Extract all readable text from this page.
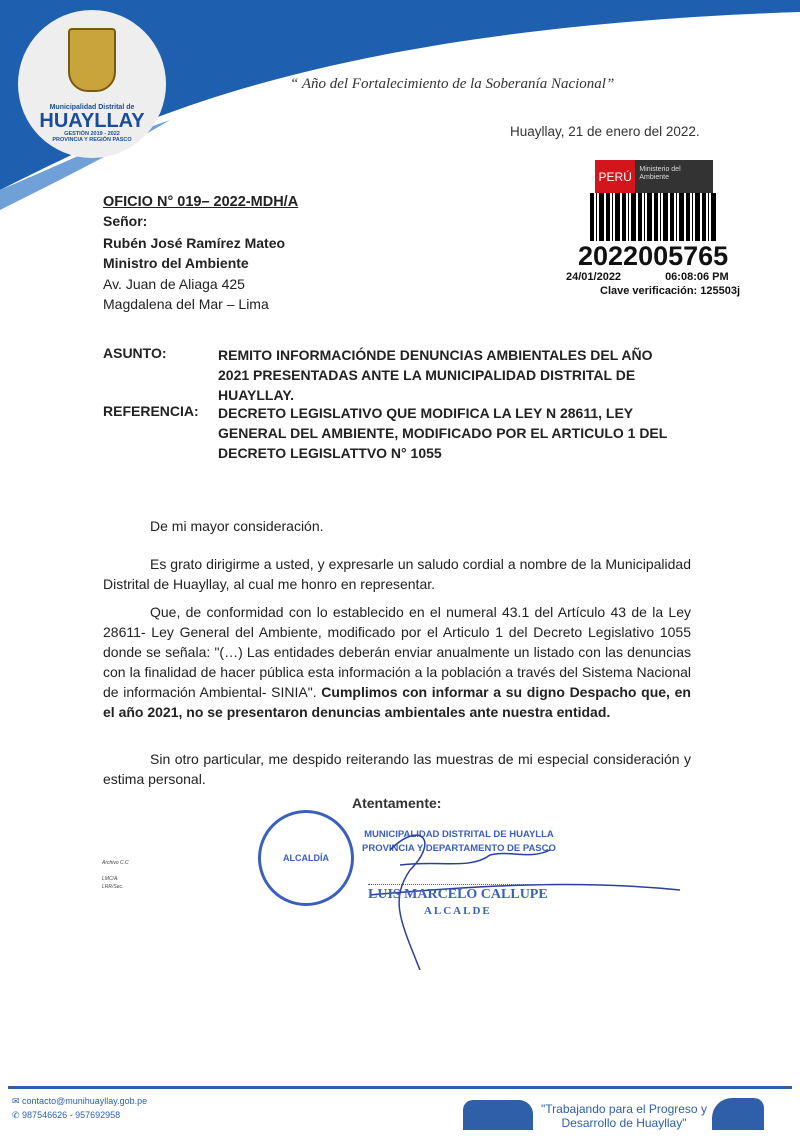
Municipalidad Distrital de
HUAYLLAY
GESTIÓN 2019 - 2022
PROVINCIA Y REGIÓN PASCO
“ Año del Fortalecimiento de la Soberanía Nacional”
Huayllay, 21 de enero del 2022.
PERÚ	Ministerio del Ambiente
2022005765
24/01/2022	06:08:06 PM
Clave verificación: 125503j
OFICIO N° 019– 2022-MDH/A
Señor:
Rubén José Ramírez Mateo
Ministro del Ambiente
Av. Juan de Aliaga 425
Magdalena del Mar – Lima
ASUNTO:	REMITO INFORMACIÓNDE DENUNCIAS AMBIENTALES DEL AÑO 2021 PRESENTADAS ANTE LA MUNICIPALIDAD DISTRITAL DE HUAYLLAY.
REFERENCIA: DECRETO LEGISLATIVO QUE MODIFICA LA LEY N 28611, LEY GENERAL DEL AMBIENTE, MODIFICADO POR EL ARTICULO 1 DEL DECRETO LEGISLATTVO N° 1055
De mi mayor consideración.
Es grato dirigirme a usted, y expresarle un saludo cordial a nombre de la Municipalidad Distrital de Huayllay, al cual me honro en representar.
Que, de conformidad con lo establecido en el numeral 43.1 del Artículo 43 de la Ley 28611- Ley General del Ambiente, modificado por el Articulo 1 del Decreto Legislativo 1055 donde se señala: "(…) Las entidades deberán enviar anualmente un listado con las denuncias con la finalidad de hacer pública esta información a la población a través del Sistema Nacional de información Ambiental- SINIA". Cumplimos con informar a su digno Despacho que, en el año 2021, no se presentaron denuncias ambientales ante nuestra entidad.
Sin otro particular, me despido reiterando las muestras de mi especial consideración y estima personal.
Atentamente:
ALCALDÍA
MUNICIPALIDAD DISTRITAL DE HUAYLLA
PROVINCIA Y DEPARTAMENTO DE PASCO
LUIS MARCELO CALLUPE
ALCALDE
Archivo C.C
LMC/A.
LRR/Sec.
✉ contacto@munihuayllay.gob.pe
✆ 987546626 - 957692958	"Trabajando para el Progreso y Desarrollo de Huayllay"
